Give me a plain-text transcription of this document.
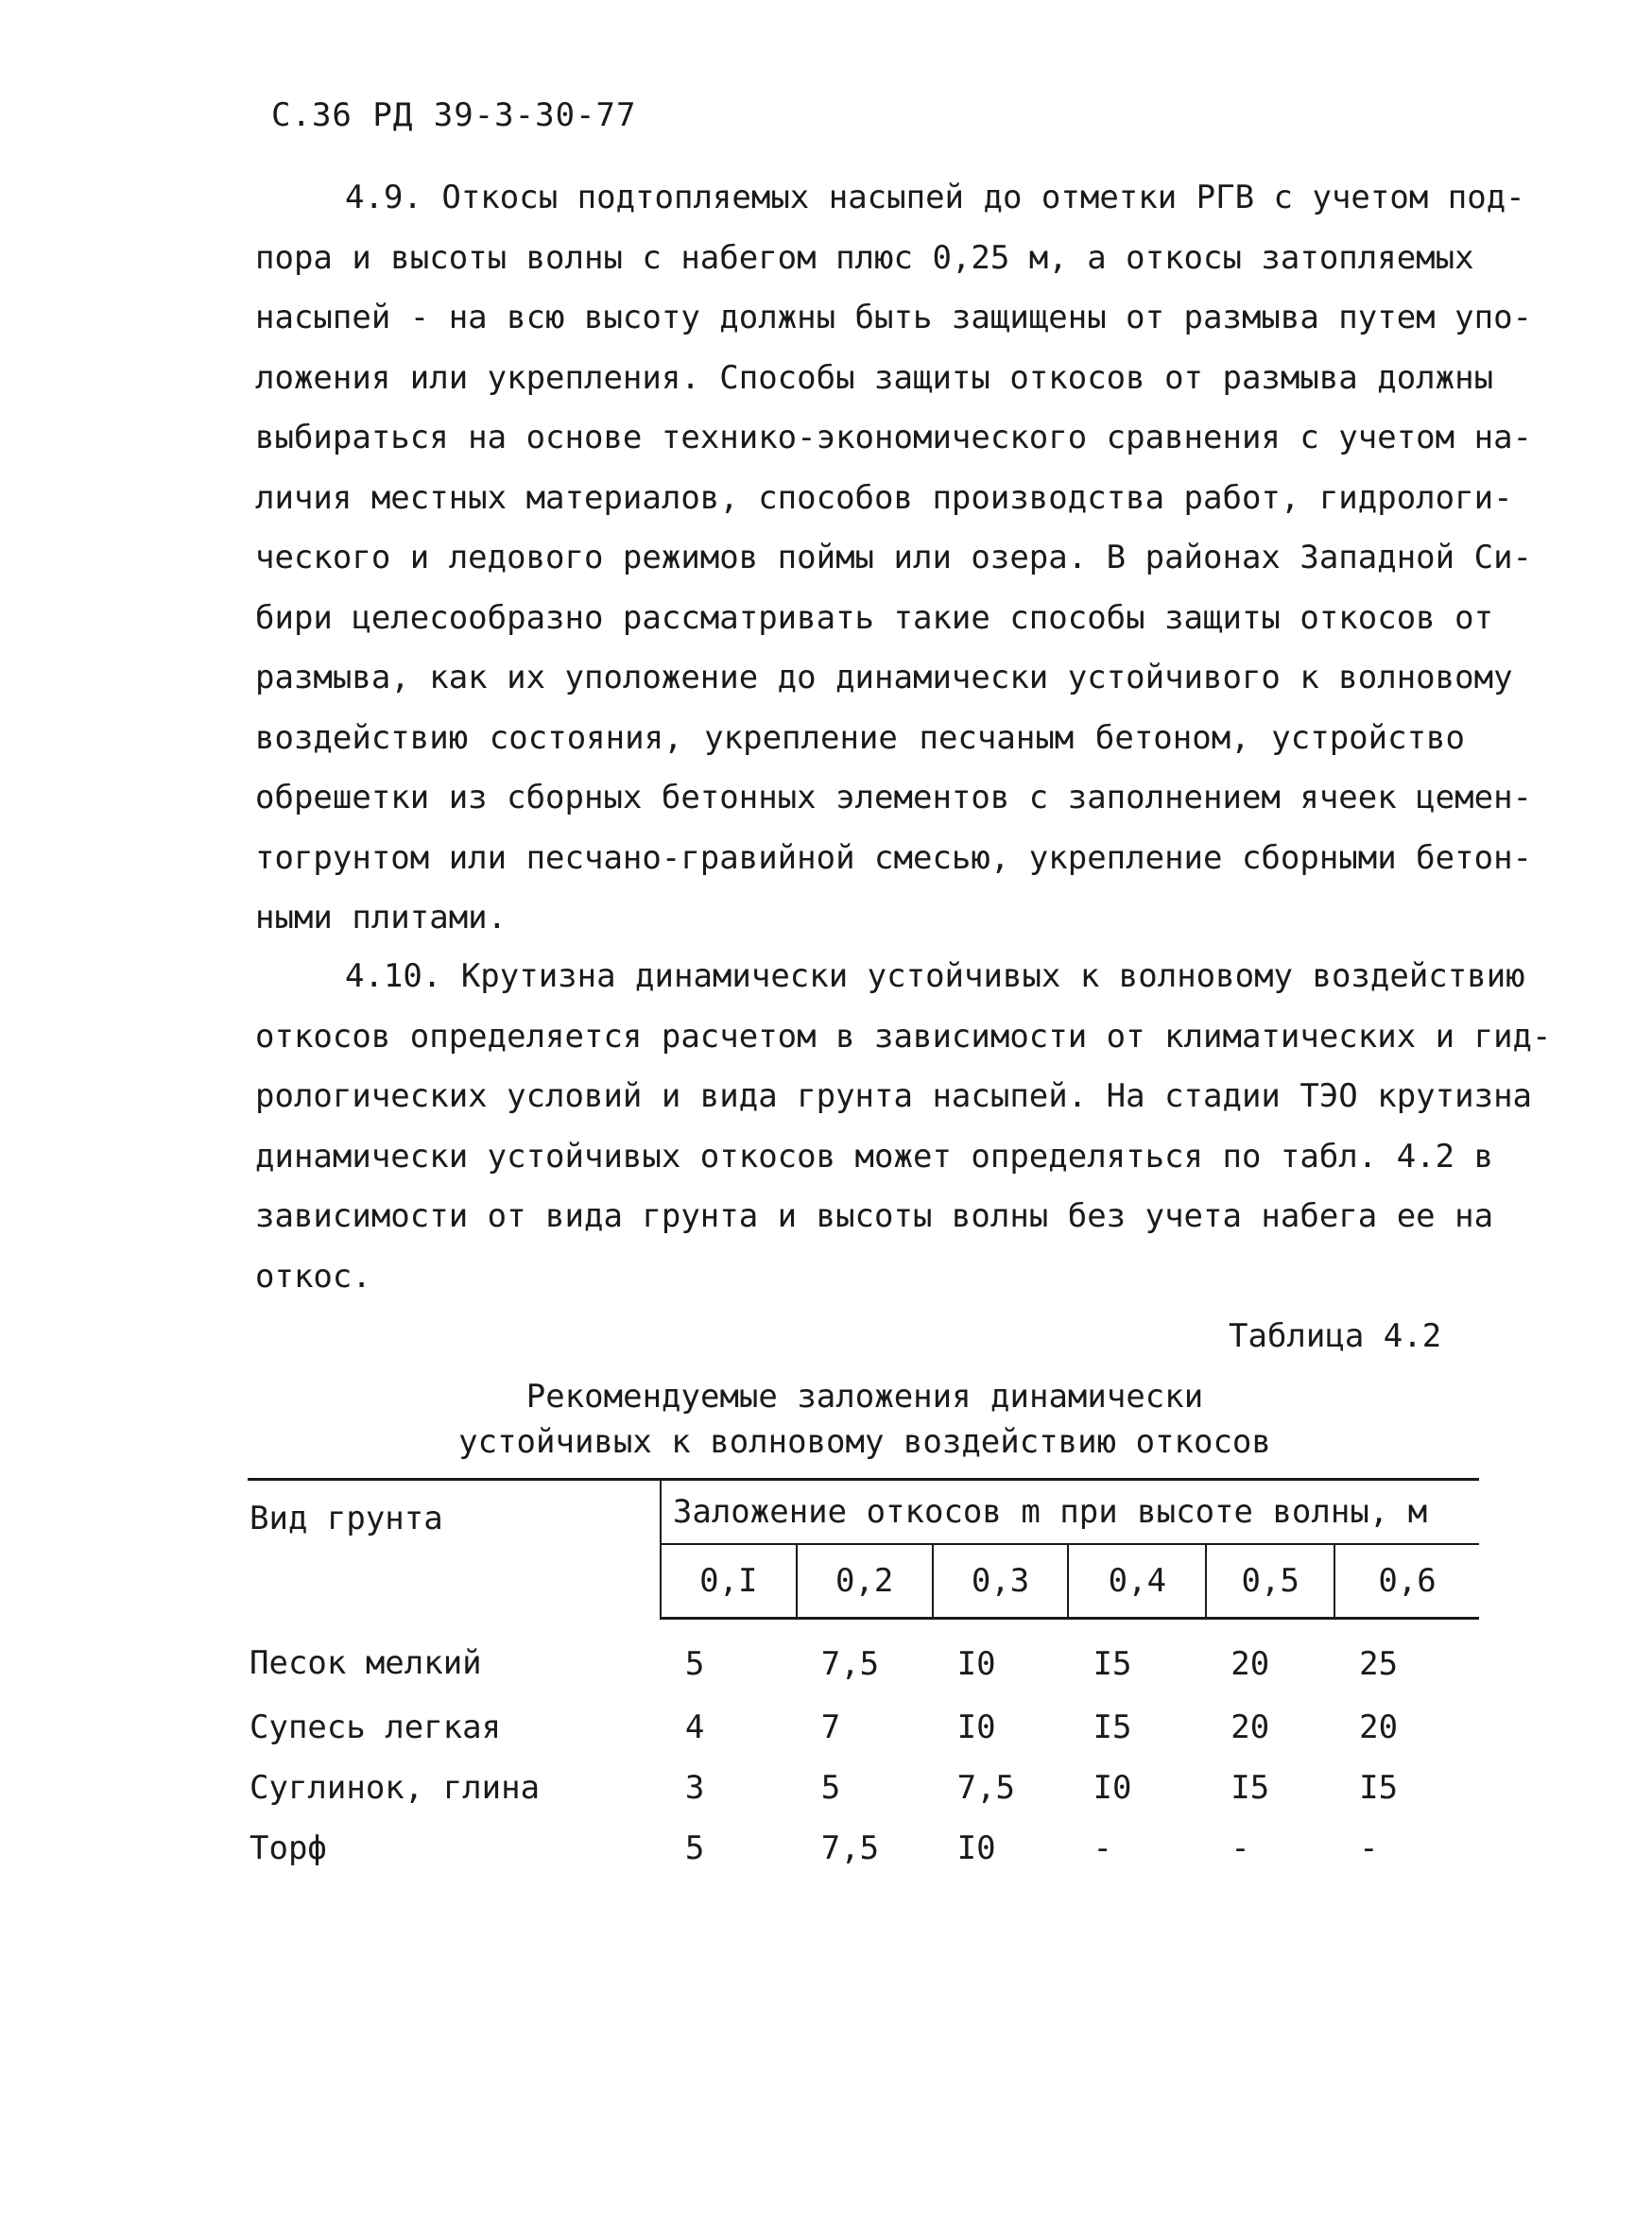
С.36 РД 39-3-30-77
4.9. Откосы подтопляемых насыпей до отметки РГВ с учетом под-
пора и высоты волны с набегом плюс 0,25 м, а откосы затопляемых
насыпей - на всю высоту должны быть защищены от размыва путем упо-
ложения или укрепления. Способы защиты откосов от размыва должны
выбираться на основе технико-экономического сравнения с учетом на-
личия местных материалов, способов производства работ, гидрологи-
ческого и ледового режимов поймы или озера. В районах Западной Си-
бири целесообразно рассматривать такие способы защиты откосов от
размыва, как их уположение до динамически устойчивого к волновому
воздействию состояния, укрепление песчаным бетоном, устройство
обрешетки из сборных бетонных элементов с заполнением ячеек цемен-
тогрунтом или песчано-гравийной смесью, укрепление сборными бетон-
ными плитами.
4.10. Крутизна динамически устойчивых к волновому воздействию
откосов определяется расчетом в зависимости от климатических и гид-
рологических условий и вида грунта насыпей. На стадии ТЭО крутизна
динамически устойчивых откосов может определяться по табл. 4.2 в
зависимости от вида грунта и высоты волны без учета набега ее на
откос.
Таблица 4.2
Рекомендуемые заложения динамически
устойчивых к волновому воздействию откосов
Вид грунта	Заложение откосов m при высоте волны, м					
	0,I	0,2	0,3	0,4	0,5	0,6
Песок мелкий	5	7,5	I0	I5	20	25
Супесь легкая	4	7	I0	I5	20	20
Суглинок, глина	3	5	7,5	I0	I5	I5
Торф	5	7,5	I0	-	-	-
